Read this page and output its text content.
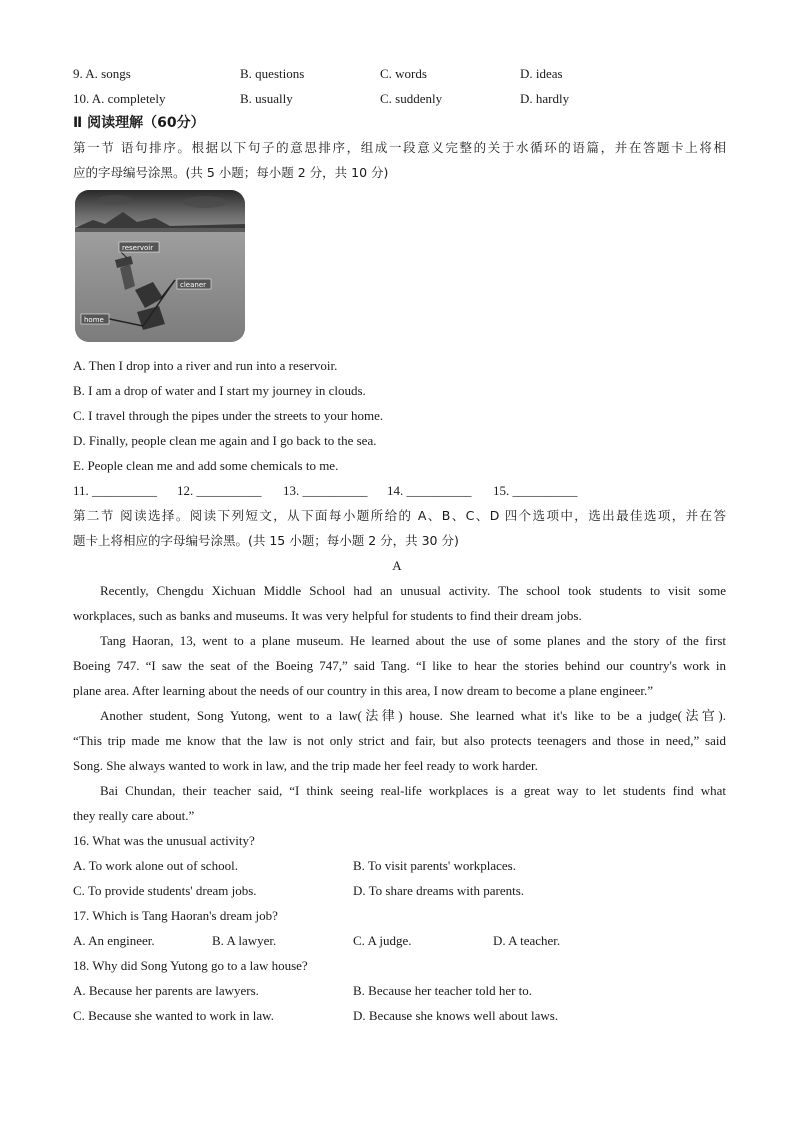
9. A. songs	B. questions	C. words	D. ideas
10. A. completely	B. usually	C. suddenly	D. hardly
Ⅱ 阅读理解（60分）
第一节 语句排序。根据以下句子的意思排序，组成一段意义完整的关于水循环的语篇，并在答题卡上将相
应的字母编号涂黑。(共 5 小题；每小题 2 分，共 10 分)
reservoir
cleaner
home
A. Then I drop into a river and run into a reservoir.
B. I am a drop of water and I start my journey in clouds.
C. I travel through the pipes under the streets to your home.
D. Finally, people clean me again and I go back to the sea.
E. People clean me and add some chemicals to me.
11. __________ 12. __________ 13. __________ 14. __________ 15. __________
第二节 阅读选择。阅读下列短文，从下面每小题所给的 A、B、C、D 四个选项中，选出最佳选项，并在答
题卡上将相应的字母编号涂黑。(共 15 小题；每小题 2 分，共 30 分)
A
Recently, Chengdu Xichuan Middle School had an unusual activity. The school took students to visit some
workplaces, such as banks and museums. It was very helpful for students to find their dream jobs.
Tang Haoran, 13, went to a plane museum. He learned about the use of some planes and the story of the first
Boeing 747. “I saw the seat of the Boeing 747,” said Tang. “I like to hear the stories behind our country's work in
plane area. After learning about the needs of our country in this area, I now dream to become a plane engineer.”
Another student, Song Yutong, went to a law(法律) house. She learned what it's like to be a judge(法官).
“This trip made me know that the law is not only strict and fair, but also protects teenagers and those in need,” said
Song. She always wanted to work in law, and the trip made her feel ready to work harder.
Bai Chundan, their teacher said, “I think seeing real-life workplaces is a great way to let students find what
they really care about.”
16. What was the unusual activity?
A. To work alone out of school.	B. To visit parents' workplaces.
C. To provide students' dream jobs.	D. To share dreams with parents.
17. Which is Tang Haoran's dream job?
A. An engineer.	B. A lawyer.	C. A judge.	D. A teacher.
18. Why did Song Yutong go to a law house?
A. Because her parents are lawyers.	B. Because her teacher told her to.
C. Because she wanted to work in law.	D. Because she knows well about laws.
